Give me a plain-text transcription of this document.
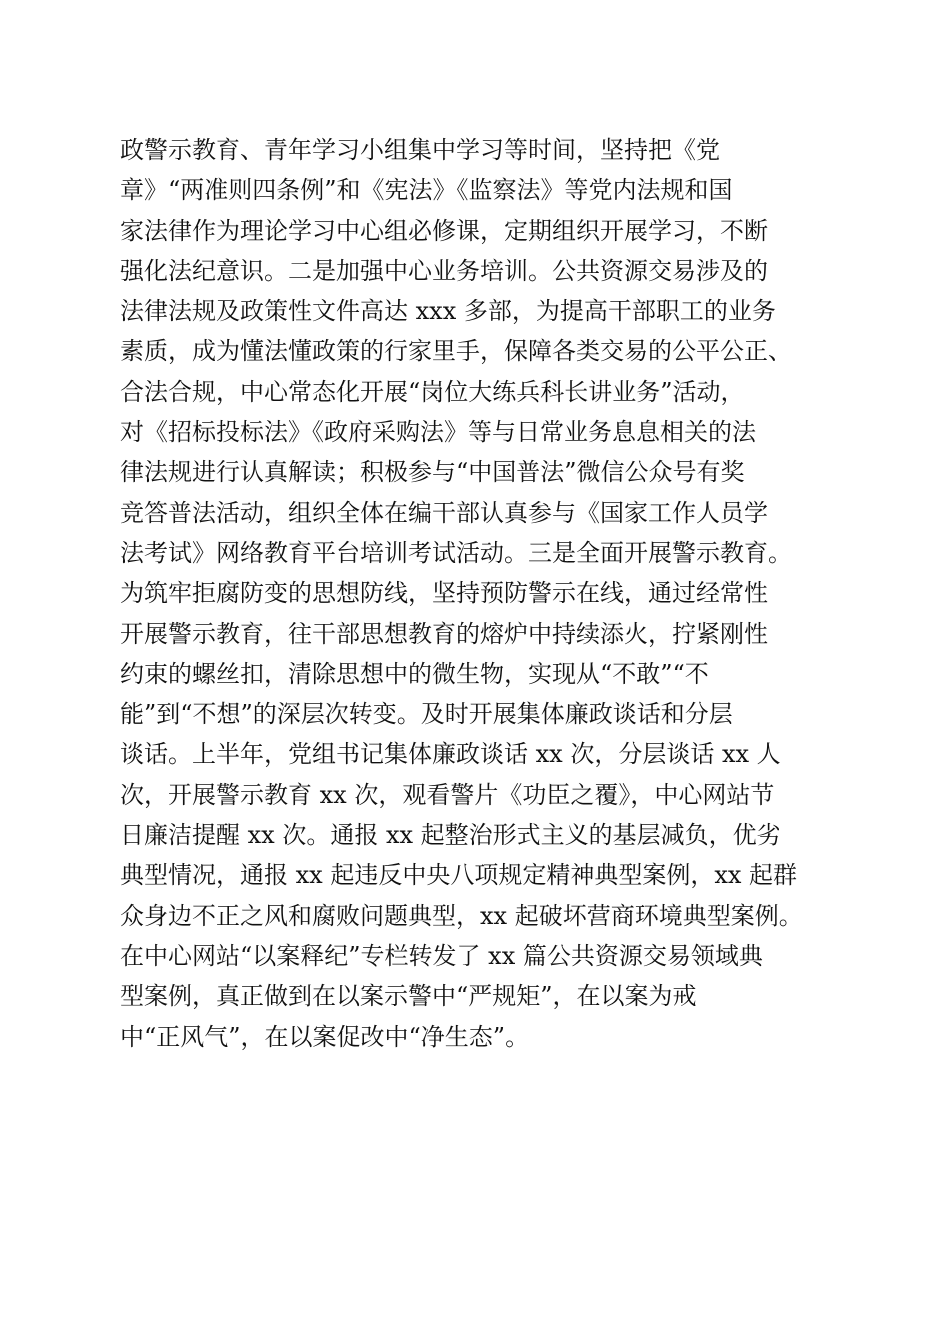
政警示教育、青年学习小组集中学习等时间，坚持把《党
章》“两准则四条例”和《宪法》《监察法》等党内法规和国
家法律作为理论学习中心组必修课，定期组织开展学习，不断
强化法纪意识。二是加强中心业务培训。公共资源交易涉及的
法律法规及政策性文件高达 xxx 多部，为提高干部职工的业务
素质，成为懂法懂政策的行家里手，保障各类交易的公平公正、
合法合规，中心常态化开展“岗位大练兵科长讲业务”活动，
对《招标投标法》《政府采购法》等与日常业务息息相关的法
律法规进行认真解读；积极参与“中国普法”微信公众号有奖
竞答普法活动，组织全体在编干部认真参与《国家工作人员学
法考试》网络教育平台培训考试活动。三是全面开展警示教育。
为筑牢拒腐防变的思想防线，坚持预防警示在线，通过经常性
开展警示教育，往干部思想教育的熔炉中持续添火，拧紧刚性
约束的螺丝扣，清除思想中的微生物，实现从“不敢”“不
能”到“不想”的深层次转变。及时开展集体廉政谈话和分层
谈话。上半年，党组书记集体廉政谈话 xx 次，分层谈话 xx 人
次，开展警示教育 xx 次，观看警片《功臣之覆》，中心网站节
日廉洁提醒 xx 次。通报 xx 起整治形式主义的基层减负，优劣
典型情况，通报 xx 起违反中央八项规定精神典型案例，xx 起群
众身边不正之风和腐败问题典型，xx 起破坏营商环境典型案例。
在中心网站“以案释纪”专栏转发了 xx 篇公共资源交易领域典
型案例，真正做到在以案示警中“严规矩”，在以案为戒
中“正风气”，在以案促改中“净生态”。
